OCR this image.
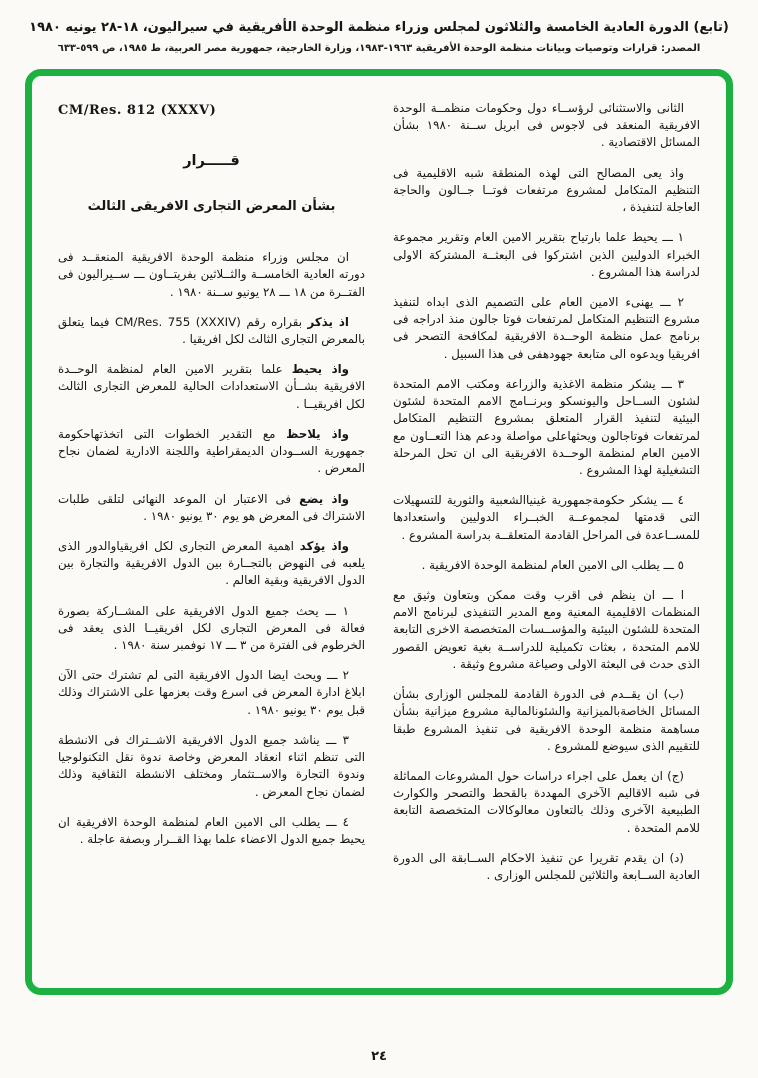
(تابع) الدورة العادية الخامسة والثلاثون لمجلس وزراء منظمة الوحدة الأفريقية في سيراليون، ١٨-٢٨ يونيه ١٩٨٠
المصدر: قرارات وتوصيات وبيانات منظمة الوحدة الأفريقية ١٩٦٣-١٩٨٣، وزارة الخارجية، جمهورية مصر العربية، ط ١٩٨٥، ص ٥٩٩-٦٣٣

الثانى والاستثنائى لرؤســاء دول وحكومات منظمــة الوحدة الافريقية المنعقد فى لاجوس فى ابريل ســنة ١٩٨٠ بشأن المسائل الاقتصادية .

واذ يعى المصالح التى لهذه المنطقة شبه الاقليمية فى التنظيم المتكامل لمشروع مرتفعات فوتــا جــالون والحاجة العاجلة لتنفيذة ،

١ ـــ يحيط علما بارتياح بتقرير الامين العام وتقرير مجموعة الخبراء الدوليين الذين اشتركوا فى البعثــة المشتركة الاولى لدراسة هذا المشروع .

٢ ـــ يهنىء الامين العام على التصميم الذى ابداه لتنفيذ مشروع التنظيم المتكامل لمرتفعات فوتا جالون منذ ادراجه فى برنامج عمل منظمة الوحــدة الافريقية لمكافحة التصحر فى افريقيا ويدعوه الى متابعة جهودهفى فى هذا السبيل .

٣ ـــ يشكر منظمة الاغذية والزراعة ومكتب الامم المتحدة لشئون الســاحل واليونسكو وبرنــامج الامم المتحدة لشئون البيئية لتنفيذ القرار المتعلق بمشروع التنظيم المتكامل لمرتفعات فوتاجالون ويحثهاعلى مواصلة ودعم هذا التعــاون مع الامين العام لمنظمة الوحــدة الافريقية الى ان تحل المرحلة التشغيلية لهذا المشروع .

٤ ـــ يشكر حكومةجمهورية غينياالشعبية والثورية للتسهيلات التى قدمتها لمجموعــة الخبــراء الدوليين واستعدادها للمســاعدة فى المراحل القادمة المتعلقــة بدراسة المشروع .

٥ ـــ يطلب الى الامين العام لمنظمة الوحدة الافريقية .

ا ـــ ان ينظم فى اقرب وقت ممكن وبتعاون وثيق مع المنظمات الاقليمية المعنية ومع المدير التنفيذى لبرنامج الامم المتحدة للشئون البيئية والمؤســسات المتخصصة الاخرى التابعة للامم المتحدة ، بعثات تكميلية للدراســة بغية تعويض القصور الذى حدث فى البعثة الاولى وصياغة مشروع وثيقة .

(ب) ان يقــدم فى الدورة القادمة للمجلس الوزارى بشأن المسائل الخاصةبالميزانية والشئونالمالية مشروع ميزانية بشأن مساهمة منظمة الوحدة الافريقية فى تنفيذ المشروع طبقا للتقييم الذى سيوضع للمشروع .

(ج) ان يعمل على اجراء دراسات حول المشروعات المماثلة فى شبه الاقاليم الآخرى المهددة بالقحط والتصحر والكوارث الطبيعية الآخرى وذلك بالتعاون معالوكالات المتخصصة التابعة للامم المتحدة .

(د) ان يقدم تقريرا عن تنفيذ الاحكام الســابقة الى الدورة العادية الســابعة والثلاثين للمجلس الوزارى .

CM/Res. 812 (XXXV)
قـــــرار
بشأن المعرض التجارى الافريقى الثالث

ان مجلس وزراء منظمة الوحدة الافريقية المنعقــد فى دورته العادية الخامســة والثــلاثين بفريتــاون ـــ ســيراليون فى الفتــرة من ١٨ ـــ ٢٨ يونيو ســنة ١٩٨٠ .

اذ يذكر بقراره رقم CM/Res. 755 (XXXIV) فيما يتعلق بالمعرض التجارى الثالث لكل افريقيا .

واذ يحيط علما بتقرير الامين العام لمنظمة الوحــدة الافريقية بشــأن الاستعدادات الحالية للمعرض التجارى الثالث لكل افريقيــا .

واذ يلاحظ مع التقدير الخطوات التى اتخذتهاحكومة جمهورية الســودان الديمقراطية واللجنة الادارية لضمان نجاح المعرض .

واذ يضع فى الاعتبار ان الموعد النهائى لتلقى طلبات الاشتراك فى المعرض هو يوم ٣٠ يونيو ١٩٨٠ .

واذ يؤكد اهمية المعرض التجارى لكل افريقياوالدور الذى يلعبه فى النهوض بالتجــارة بين الدول الافريقية والتجارة بين الدول الافريقية وبقية العالم .

١ ـــ يحث جميع الدول الافريقية على المشــاركة بصورة فعالة فى المعرض التجارى لكل افريقيــا الذى يعقد فى الخرطوم فى الفترة من ٣ ـــ ١٧ نوفمبر سنة ١٩٨٠ .

٢ ـــ ويحث ايضا الدول الافريقية التى لم تشترك حتى الآن ابلاغ ادارة المعرض فى اسرع وقت بعزمها على الاشتراك وذلك قبل يوم ٣٠ يونيو ١٩٨٠ .

٣ ـــ يناشد جميع الدول الافريقية الاشــتراك فى الانشطة التى تنظم اثناء انعقاد المعرض وخاصة ندوة نقل التكنولوجيا وندوة التجارة والاســتثمار ومختلف الانشطة الثقافية وذلك لضمان نجاح المعرض .

٤ ـــ يطلب الى الامين العام لمنظمة الوحدة الافريقية ان يحيط جميع الدول الاعضاء علما بهذا القــرار وبصفة عاجلة .

٢٤
